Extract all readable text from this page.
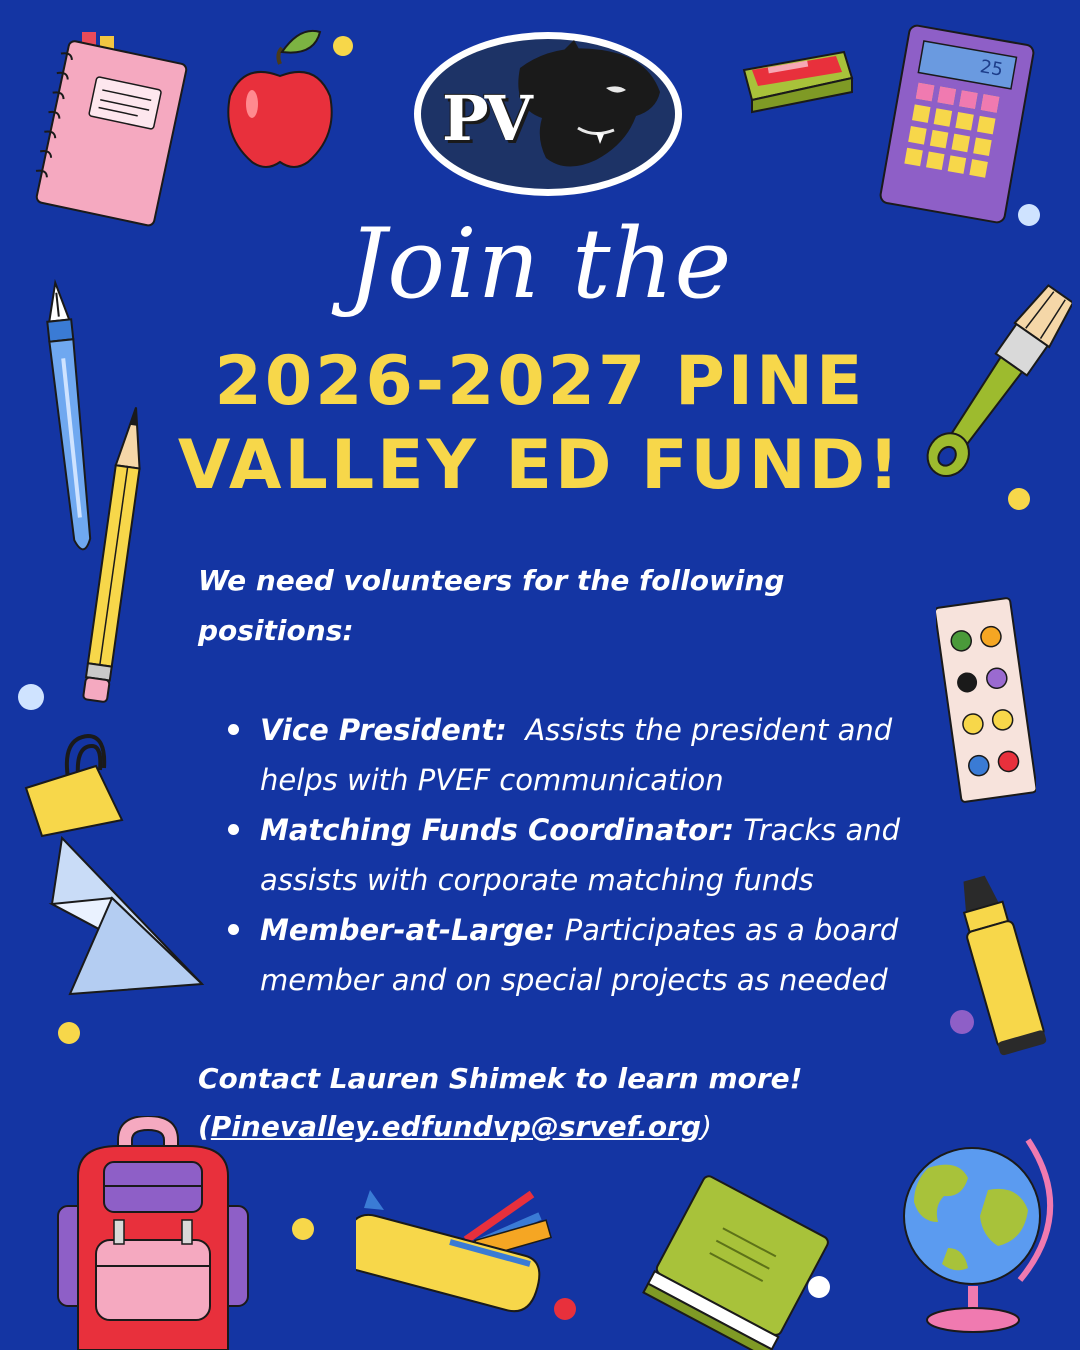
25
PV
Join the
2026-2027 PINE
VALLEY ED FUND!
We need volunteers for the following positions:
Vice President: Assists the president and helps with PVEF communication
Matching Funds Coordinator: Tracks and assists with corporate matching funds
Member-at-Large: Participates as a board member and on special projects as needed
Contact Lauren Shimek to learn more!
(Pinevalley.edfundvp@srvef.org)
